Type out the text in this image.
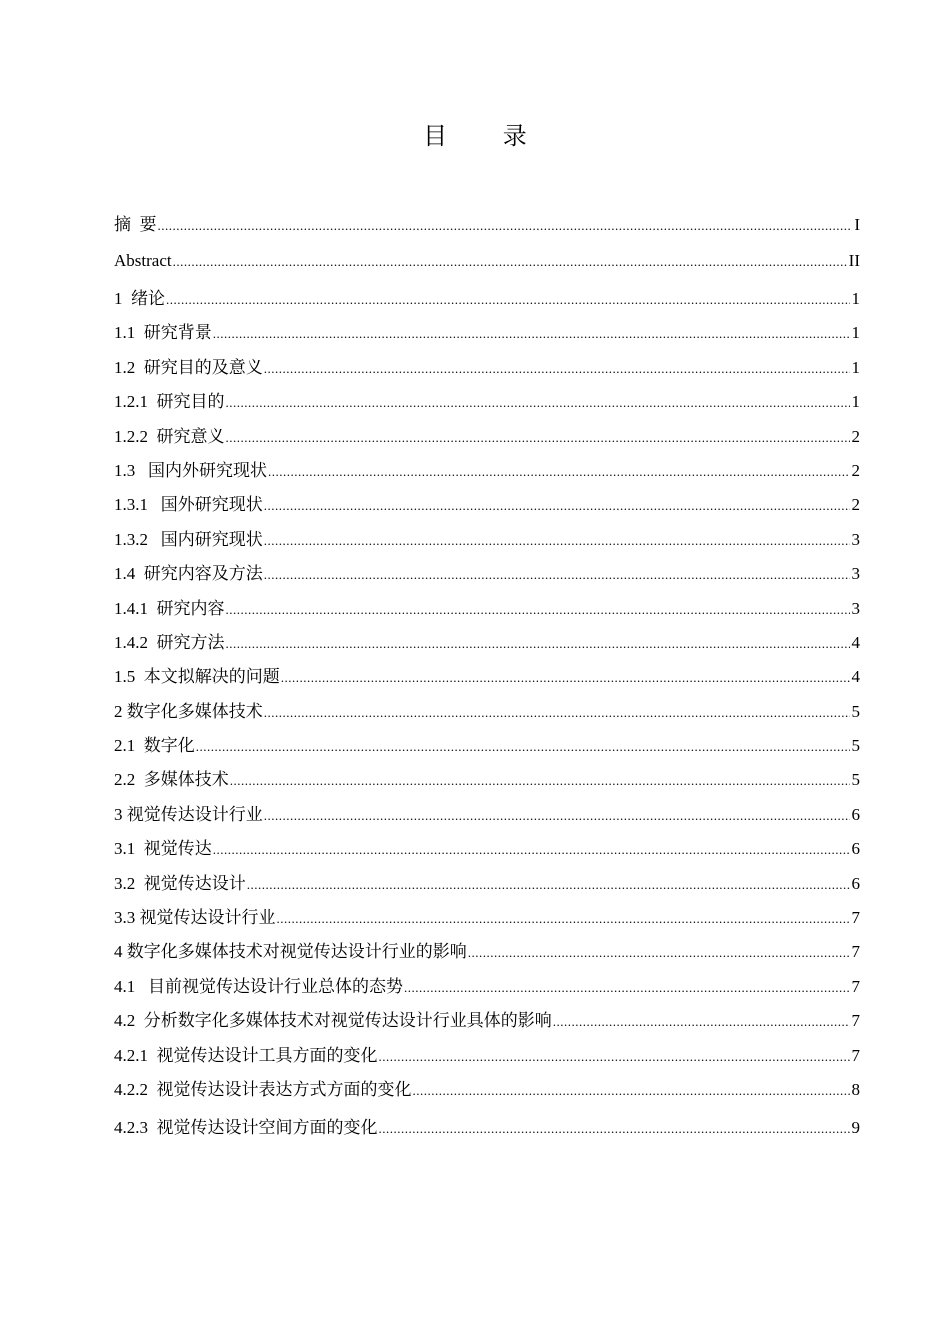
目 录
摘  要 .....	I
Abstract .....	II
1 绪论 .....	1
1.1 研究背景 .....	1
1.2 研究目的及意义 .....	1
1.2.1 研究目的 .....	1
1.2.2 研究意义 .....	2
1.3 国内外研究现状 .....	2
1.3.1 国外研究现状 .....	2
1.3.2 国内研究现状 .....	3
1.4 研究内容及方法 .....	3
1.4.1 研究内容 .....	3
1.4.2 研究方法 .....	4
1.5 本文拟解决的问题 .....	4
2 数字化多媒体技术 .....	5
2.1 数字化 .....	5
2.2 多媒体技术 .....	5
3 视觉传达设计行业 .....	6
3.1 视觉传达 .....	6
3.2 视觉传达设计 .....	6
3.3 视觉传达设计行业 .....	7
4 数字化多媒体技术对视觉传达设计行业的影响 .....	7
4.1 目前视觉传达设计行业总体的态势 .....	7
4.2 分析数字化多媒体技术对视觉传达设计行业具体的影响 .....	7
4.2.1 视觉传达设计工具方面的变化 .....	7
4.2.2 视觉传达设计表达方式方面的变化 .....	8
4.2.3 视觉传达设计空间方面的变化 .....	9
